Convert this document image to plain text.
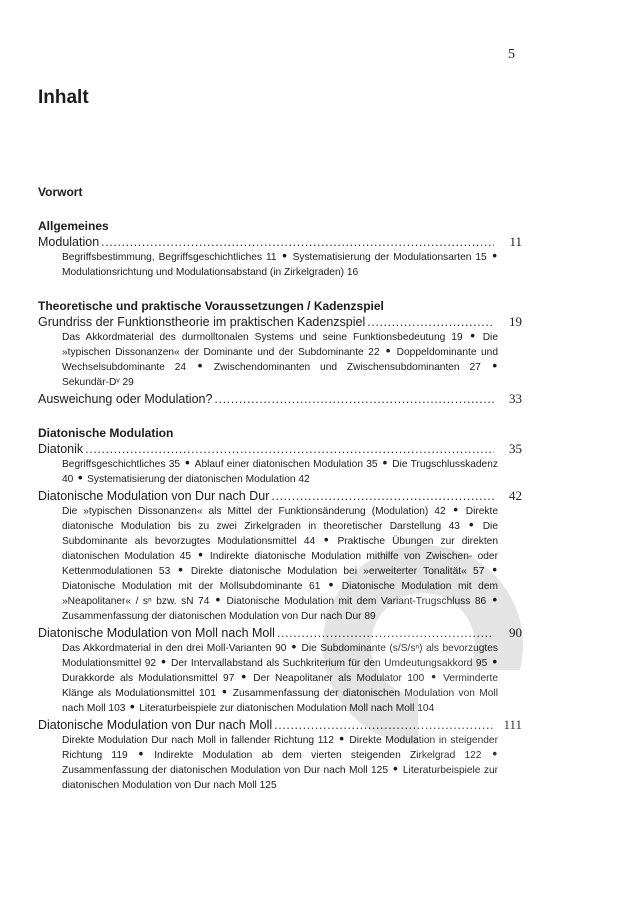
5
Inhalt
Vorwort
Allgemeines
Modulation .....	11
Begriffsbestimmung, Begriffsgeschichtliches 11 • Systematisierung der Modulationsarten 15 • Modulationsrichtung und Modulationsabstand (in Zirkelgraden) 16
Theoretische und praktische Voraussetzungen / Kadenzspiel
Grundriss der Funktionstheorie im praktischen Kadenzspiel .....	19
Das Akkordmaterial des durmolltonalen Systems und seine Funktionsbedeutung 19 • Die »typischen Dissonanzen« der Dominante und der Subdominante 22 • Doppeldominante und Wechselsubdominante 24 • Zwischendominanten und Zwischensubdominanten 27 • Sekundär-Dᵛ 29
Ausweichung oder Modulation? .....	33
Diatonische Modulation
Diatonik .....	35
Begriffsgeschichtliches 35 • Ablauf einer diatonischen Modulation 35 • Die Trugschlusskadenz 40 • Systematisierung der diatonischen Modulation 42
Diatonische Modulation von Dur nach Dur .....	42
Die »typischen Dissonanzen« als Mittel der Funktionsänderung (Modulation) 42 • Direkte diatonische Modulation bis zu zwei Zirkelgraden in theoretischer Darstellung 43 • Die Subdominante als bevorzugtes Modulationsmittel 44 • Praktische Übungen zur direkten diatonischen Modulation 45 • Indirekte diatonische Modulation mithilfe von Zwischen- oder Kettenmodulationen 53 • Direkte diatonische Modulation bei »erweiterter Tonalität« 57 • Diatonische Modulation mit der Mollsubdominante 61 • Diatonische Modulation mit dem »Neapolitaner« / sⁿ bzw. sN 74 • Diatonische Modulation mit dem Variant-Trugschluss 86 • Zusammenfassung der diatonischen Modulation von Dur nach Dur 89
Diatonische Modulation von Moll nach Moll .....	90
Das Akkordmaterial in den drei Moll-Varianten 90 • Die Subdominante (s/S/sⁿ) als bevorzugtes Modulationsmittel 92 • Der Intervallabstand als Suchkriterium für den Umdeutungsakkord 95 • Durakkorde als Modulationsmittel 97 • Der Neapolitaner als Modulator 100 • Verminderte Klänge als Modulationsmittel 101 • Zusammenfassung der diatonischen Modulation von Moll nach Moll 103 • Literaturbeispiele zur diatonischen Modulation Moll nach Moll 104
Diatonische Modulation von Dur nach Moll .....	111
Direkte Modulation Dur nach Moll in fallender Richtung 112 • Direkte Modulation in steigender Richtung 119 • Indirekte Modulation ab dem vierten steigenden Zirkelgrad 122 • Zusammenfassung der diatonischen Modulation von Dur nach Moll 125 • Literaturbeispiele zur diatonischen Modulation von Dur nach Moll 125
